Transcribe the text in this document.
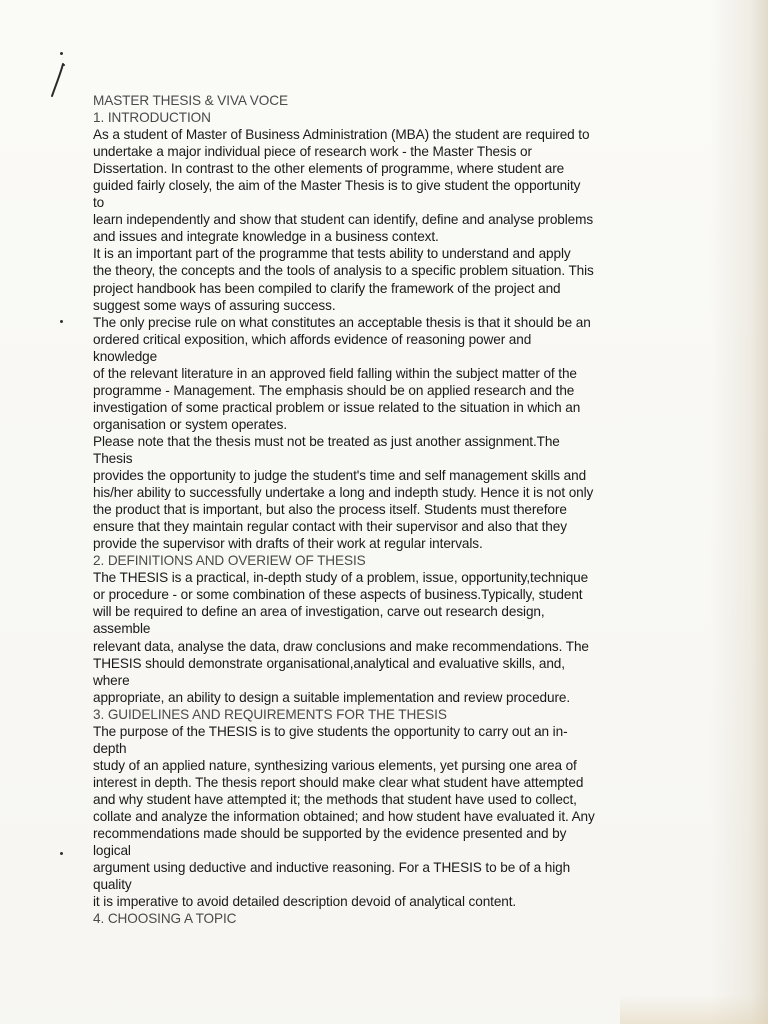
MASTER THESIS & VIVA VOCE
1. INTRODUCTION
As a student of Master of Business Administration (MBA) the student are required to
undertake a major individual piece of research work - the Master Thesis or
Dissertation. In contrast to the other elements of programme, where student are
guided fairly closely, the aim of the Master Thesis is to give student the opportunity
to
learn independently and show that student can identify, define and analyse problems
and issues and integrate knowledge in a business context.
It is an important part of the programme that tests ability to understand and apply
the theory, the concepts and the tools of analysis to a specific problem situation. This
project handbook has been compiled to clarify the framework of the project and
suggest some ways of assuring success.
The only precise rule on what constitutes an acceptable thesis is that it should be an
ordered critical exposition, which affords evidence of reasoning power and
knowledge
of the relevant literature in an approved field falling within the subject matter of the
programme - Management. The emphasis should be on applied research and the
investigation of some practical problem or issue related to the situation in which an
organisation or system operates.
Please note that the thesis must not be treated as just another assignment.The
Thesis
provides the opportunity to judge the student's time and self management skills and
his/her ability to successfully undertake a long and indepth study. Hence it is not only
the product that is important, but also the process itself. Students must therefore
ensure that they maintain regular contact with their supervisor and also that they
provide the supervisor with drafts of their work at regular intervals.
2. DEFINITIONS AND OVERIEW OF THESIS
The THESIS is a practical, in-depth study of a problem, issue, opportunity,technique
or procedure - or some combination of these aspects of business.Typically, student
will be required to define an area of investigation, carve out research design,
assemble
relevant data, analyse the data, draw conclusions and make recommendations. The
THESIS should demonstrate organisational,analytical and evaluative skills, and,
where
appropriate, an ability to design a suitable implementation and review procedure.
3. GUIDELINES AND REQUIREMENTS FOR THE THESIS
The purpose of the THESIS is to give students the opportunity to carry out an in-
depth
study of an applied nature, synthesizing various elements, yet pursing one area of
interest in depth. The thesis report should make clear what student have attempted
and why student have attempted it; the methods that student have used to collect,
collate and analyze the information obtained; and how student have evaluated it. Any
recommendations made should be supported by the evidence presented and by
logical
argument using deductive and inductive reasoning. For a THESIS to be of a high
quality
it is imperative to avoid detailed description devoid of analytical content.
4. CHOOSING A TOPIC
